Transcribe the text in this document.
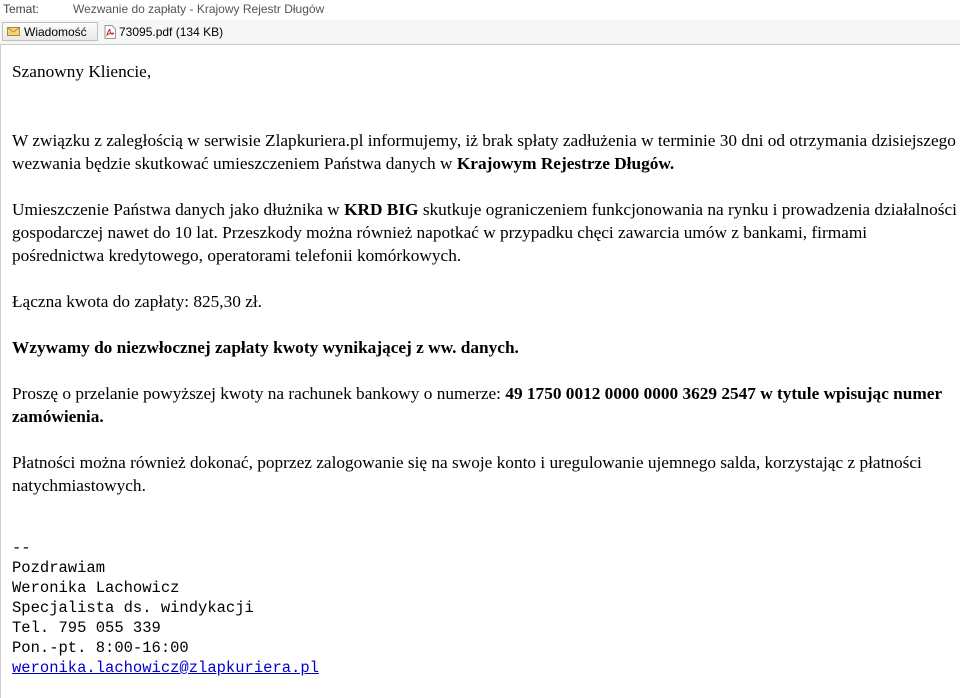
Temat:	Wezwanie do zapłaty - Krajowy Rejestr Długów
Wiadomość	73095.pdf (134 KB)

Szanowny Kliencie,

W związku z zaległością w serwisie Zlapkuriera.pl informujemy, iż brak spłaty zadłużenia w terminie 30 dni od otrzymania dzisiejszego wezwania będzie skutkować umieszczeniem Państwa danych w Krajowym Rejestrze Długów.

Umieszczenie Państwa danych jako dłużnika w KRD BIG skutkuje ograniczeniem funkcjonowania na rynku i prowadzenia działalności gospodarczej nawet do 10 lat. Przeszkody można również napotkać w przypadku chęci zawarcia umów z bankami, firmami pośrednictwa kredytowego, operatorami telefonii komórkowych.

Łączna kwota do zapłaty: 825,30 zł.

Wzywamy do niezwłocznej zapłaty kwoty wynikającej z ww. danych.

Proszę o przelanie powyższej kwoty na rachunek bankowy o numerze: 49 1750 0012 0000 0000 3629 2547 w tytule wpisując numer zamówienia.

Płatności można również dokonać, poprzez zalogowanie się na swoje konto i uregulowanie ujemnego salda, korzystając z płatności natychmiastowych.

--
Pozdrawiam
Weronika Lachowicz
Specjalista ds. windykacji
Tel. 795 055 339
Pon.-pt. 8:00-16:00
weronika.lachowicz@zlapkuriera.pl
